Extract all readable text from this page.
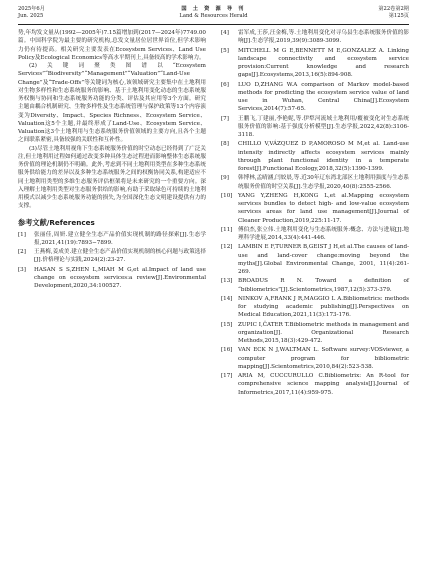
2025年6月
Jun. 2025
国 土 资 源 导 刊
Land & Resources Herald
第22卷第2期
第125页

势,年均发文量从(1992—2005年)7.15篇增加到(2017—2024年)7749.00篇。中国科学院为最主要的研究机构,总发文量居位居世界首位,但学术影响力仍有待提高。相关研究主要发表在Ecosystem Services、Land Use Policy及Ecological Economics等高水平期刊上,具备较高的学术影响力。

(2)关键词聚类图谱以“Ecosystem Services”“Biodiversity”“Management”“Valuation”“Land-Use Change”及“Trade-Offs”等关键词为核心,该领域研究主要集中在土地利用对生物多样性和生态系统服务的影响、基于土地利用变化动态的生态系统服务权衡与协同和生态系统服务功能的分类、评估及其应用等3个方面。研究主题由耦合机制研究、生物多样性及生态系统管理与保护政策等13个内容演变为Diversity、Impact、Species Richness、Ecosystem Service、Valuation这5个主题,并最终形成了Land-Use、Ecosystem Service、Valuation这3个土地利用与生态系统服务价值领域的主要方向,且各个主题之间联系紧密,具备较强的关联性和互补性。

(3)尽管土地利用视角下生态系统服务价值的时空动态已经得到了广泛关注,但土地利用过程如何通过改变多种具体生态过程进而影响整体生态系统服务价值的理论机制仍不明确。此外,考虑到不同土地利用类型在多种生态系统服务供给能力的差异以及多种生态系统服务之间的权衡协同关系,构建适应不同土地利用类型的多维生态服务评估框架将是未来研究的一个重要方向。深入理解土地利用类型对生态服务供给的影响,有助于采取绿色可持续的土地利用模式以减少生态系统服务功能的损失,为全国深化生态文明建设提供有力的支撑。

参考文献/References
[1] 张丽佳,周妍.建立健全生态产品价值实现机制的路径探索[J].生态学报,2021,41(19):7893−7899.
[2] 王燕梅,姜成美.建立健全生态产品价值实现机制的核心问题与政策选择[J].价格理论与实践,2024(2):23-27.
[3] HASAN S S,ZHEN L,MIAH M G,et al.Impact of land use change on ecosystem services:a review[J].Environmental Development,2020,34:100527.
[4] 雷军成,王莎,汪金梅,等.土地利用变化对寻乌县生态系统服务价值的影响[J].生态学报,2019,39(9):3089-3099.
[5] MITCHELL M G E,BENNETT M E,GONZALEZ A. Linking landscape connectivity and ecosystem service provision:Current knowledge and research gaps[J].Ecosystems,2013,16(5):894-908.
[6] LUO D,ZHANG W.A comparison of Markov model-based methods for predicting the ecosystem service value of land use in Wuhan, Central China[J].Ecosystem Services,2014(7):57-65.
[7] 王鹏飞,丁建丽,李艳妮,等.伊犁河流域土地利用/覆被变化对生态系统服务价值的影响:基于强度分析模型[J].生态学报,2022,42(8):3106-3118.
[8] CHILLO V,VÁZQUEZ D P,AMOROSO M M,et al. Land-use intensity indirectly affects ecosystem services mainly through plant functional identity in a temperate forest[J].Functional Ecology,2018,32(5):1390-1399.
[9] 韩博林,孟晴涵,闫姣晨,等.近30年辽东湾北部区土地利用强度与生态系统服务价值的时空关系[J].生态学报,2020,40(8):2555-2566.
[10] YANG Y,ZHENG H,KONG L,et al.Mapping ecosystem services bundles to detect high- and low-value ecosystem services areas for land use management[J].Journal of Cleaner Production,2019,225:11-17.
[11] 傅伯杰,张立伟.土地利用变化与生态系统服务:概念、方法与进展[J].地理科学进展,2014,33(4):441-446.
[12] LAMBIN E F,TURNER B,GEIST J H,et al.The causes of land-use and land-cover change:moving beyond the myths[J].Global Environmental Change, 2001, 11(4):261-269.
[13] BROADUS R N. Toward a definition of “bibliometrics”[J].Scientometrics,1987,12(5):373-379.
[14] NINKOV A,FRANK J R,MAGGIO L A.Bibliometrics: methods for studying academic publishing[J].Perspectives on Medical Education,2021,11(3):173-176.
[15] ZUPIC I,ČATER T.Bibliometric methods in management and organization[J]. Organizational Research Methods,2015,18(3):429-472.
[16] VAN ECK N J,WALTMAN L. Software survey:VOSviewer, a computer program for bibliometric mapping[J].Scientometrics,2010,84(2):523-538.
[17] ARIA M, CUCCURULLO C.Bibliometrix: An R-tool for comprehensive science mapping analysis[J].Journal of Informetrics,2017,11(4):959-975.
